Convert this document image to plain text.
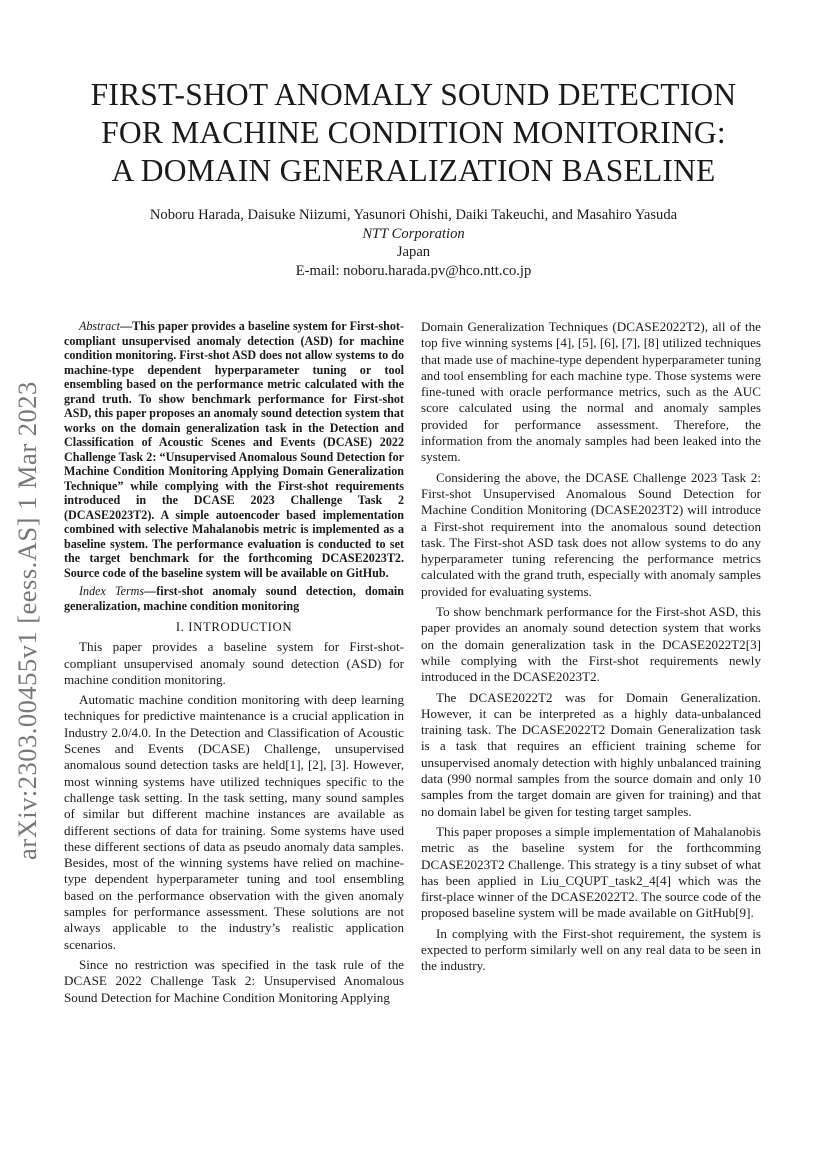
arXiv:2303.00455v1 [eess.AS] 1 Mar 2023
FIRST-SHOT ANOMALY SOUND DETECTION
FOR MACHINE CONDITION MONITORING:
A DOMAIN GENERALIZATION BASELINE
Noboru Harada, Daisuke Niizumi, Yasunori Ohishi, Daiki Takeuchi, and Masahiro Yasuda
NTT Corporation
Japan
E-mail: noboru.harada.pv@hco.ntt.co.jp

Abstract—This paper provides a baseline system for First-shot-compliant unsupervised anomaly detection (ASD) for machine condition monitoring. First-shot ASD does not allow systems to do machine-type dependent hyperparameter tuning or tool ensembling based on the performance metric calculated with the grand truth. To show benchmark performance for First-shot ASD, this paper proposes an anomaly sound detection system that works on the domain generalization task in the Detection and Classification of Acoustic Scenes and Events (DCASE) 2022 Challenge Task 2: “Unsupervised Anomalous Sound Detection for Machine Condition Monitoring Applying Domain Generalization Technique” while complying with the First-shot requirements introduced in the DCASE 2023 Challenge Task 2 (DCASE2023T2). A simple autoencoder based implementation combined with selective Mahalanobis metric is implemented as a baseline system. The performance evaluation is conducted to set the target benchmark for the forthcoming DCASE2023T2. Source code of the baseline system will be available on GitHub.

Index Terms—first-shot anomaly sound detection, domain generalization, machine condition monitoring

I. INTRODUCTION

This paper provides a baseline system for First-shot-compliant unsupervised anomaly sound detection (ASD) for machine condition monitoring.

Automatic machine condition monitoring with deep learning techniques for predictive maintenance is a crucial application in Industry 2.0/4.0. In the Detection and Classification of Acoustic Scenes and Events (DCASE) Challenge, unsupervised anomalous sound detection tasks are held[1], [2], [3]. However, most winning systems have utilized techniques specific to the challenge task setting. In the task setting, many sound samples of similar but different machine instances are available as different sections of data for training. Some systems have used these different sections of data as pseudo anomaly data samples. Besides, most of the winning systems have relied on machine-type dependent hyperparameter tuning and tool ensembling based on the performance observation with the given anomaly samples for performance assessment. These solutions are not always applicable to the industry’s realistic application scenarios.

Since no restriction was specified in the task rule of the DCASE 2022 Challenge Task 2: Unsupervised Anomalous Sound Detection for Machine Condition Monitoring Applying

Domain Generalization Techniques (DCASE2022T2), all of the top five winning systems [4], [5], [6], [7], [8] utilized techniques that made use of machine-type dependent hyperparameter tuning and tool ensembling for each machine type. Those systems were fine-tuned with oracle performance metrics, such as the AUC score calculated using the normal and anomaly samples provided for performance assessment. Therefore, the information from the anomaly samples had been leaked into the system.

Considering the above, the DCASE Challenge 2023 Task 2: First-shot Unsupervised Anomalous Sound Detection for Machine Condition Monitoring (DCASE2023T2) will introduce a First-shot requirement into the anomalous sound detection task. The First-shot ASD task does not allow systems to do any hyperparameter tuning referencing the performance metrics calculated with the grand truth, especially with anomaly samples provided for evaluating systems.

To show benchmark performance for the First-shot ASD, this paper provides an anomaly sound detection system that works on the domain generalization task in the DCASE2022T2[3] while complying with the First-shot requirements newly introduced in the DCASE2023T2.

The DCASE2022T2 was for Domain Generalization. However, it can be interpreted as a highly data-unbalanced training task. The DCASE2022T2 Domain Generalization task is a task that requires an efficient training scheme for unsupervised anomaly detection with highly unbalanced training data (990 normal samples from the source domain and only 10 samples from the target domain are given for training) and that no domain label be given for testing target samples.

This paper proposes a simple implementation of Mahalanobis metric as the baseline system for the forthcomming DCASE2023T2 Challenge. This strategy is a tiny subset of what has been applied in Liu_CQUPT_task2_4[4] which was the first-place winner of the DCASE2022T2. The source code of the proposed baseline system will be made available on GitHub[9].

In complying with the First-shot requirement, the system is expected to perform similarly well on any real data to be seen in the industry.
